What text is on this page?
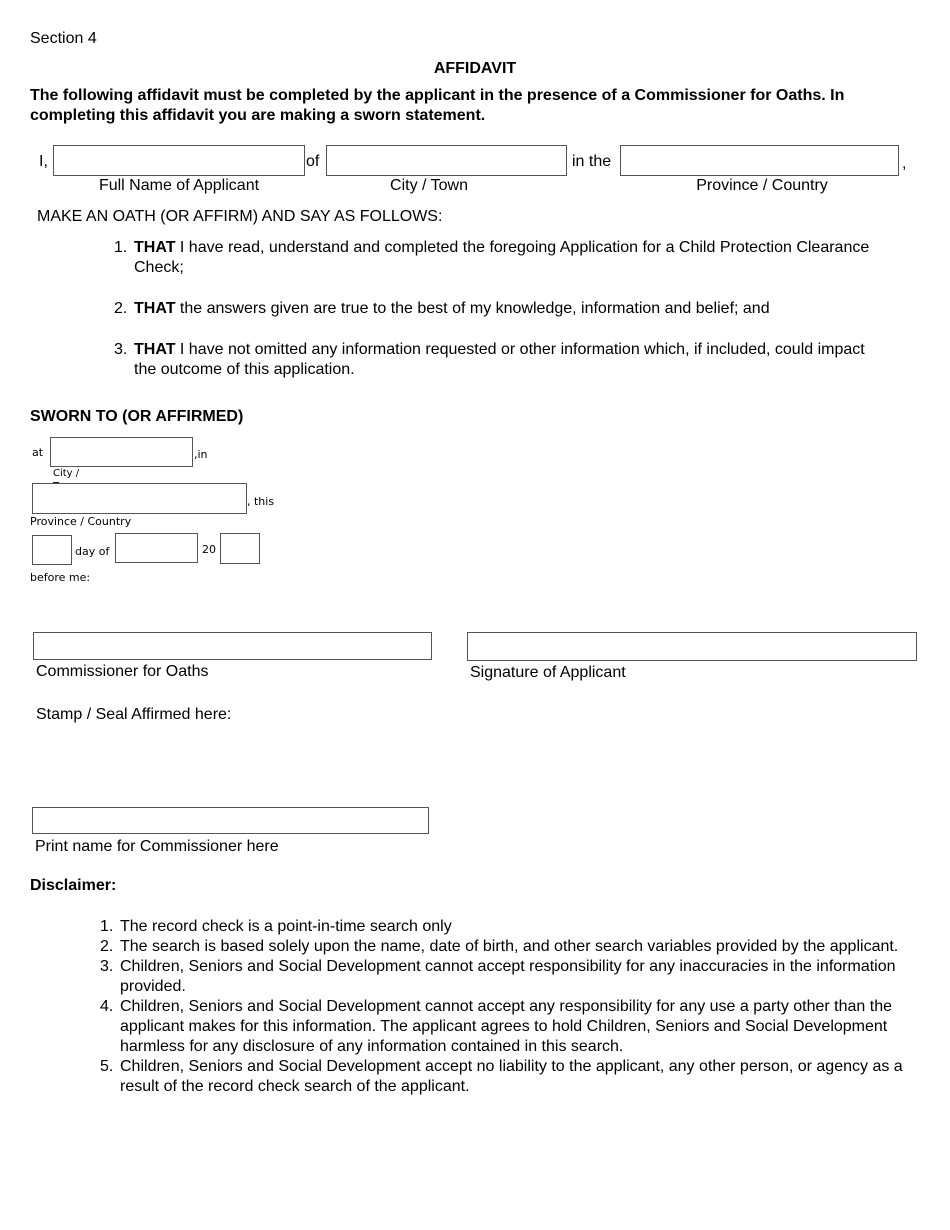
Section 4
AFFIDAVIT
The following affidavit must be completed by the applicant in the presence of a Commissioner for Oaths. In completing this affidavit you are making a sworn statement.
I,	of	in the	,
Full Name of Applicant	City / Town	Province / Country
MAKE AN OATH (OR AFFIRM) AND SAY AS FOLLOWS:
1. THAT I have read, understand and completed the foregoing Application for a Child Protection Clearance Check;
2. THAT the answers given are true to the best of my knowledge, information and belief; and
3. THAT I have not omitted any information requested or other information which, if included, could impact the outcome of this application.
SWORN TO (OR AFFIRMED)
at	,in
City /
, this
Province / Country
day of	20
before me:
Commissioner for Oaths	Signature of Applicant
Stamp / Seal Affirmed here:
Print name for Commissioner here
Disclaimer:
1. The record check is a point-in-time search only
2. The search is based solely upon the name, date of birth, and other search variables provided by the applicant.
3. Children, Seniors and Social Development cannot accept responsibility for any inaccuracies in the information provided.
4. Children, Seniors and Social Development cannot accept any responsibility for any use a party other than the applicant makes for this information. The applicant agrees to hold Children, Seniors and Social Development harmless for any disclosure of any information contained in this search.
5. Children, Seniors and Social Development accept no liability to the applicant, any other person, or agency as a result of the record check search of the applicant.
